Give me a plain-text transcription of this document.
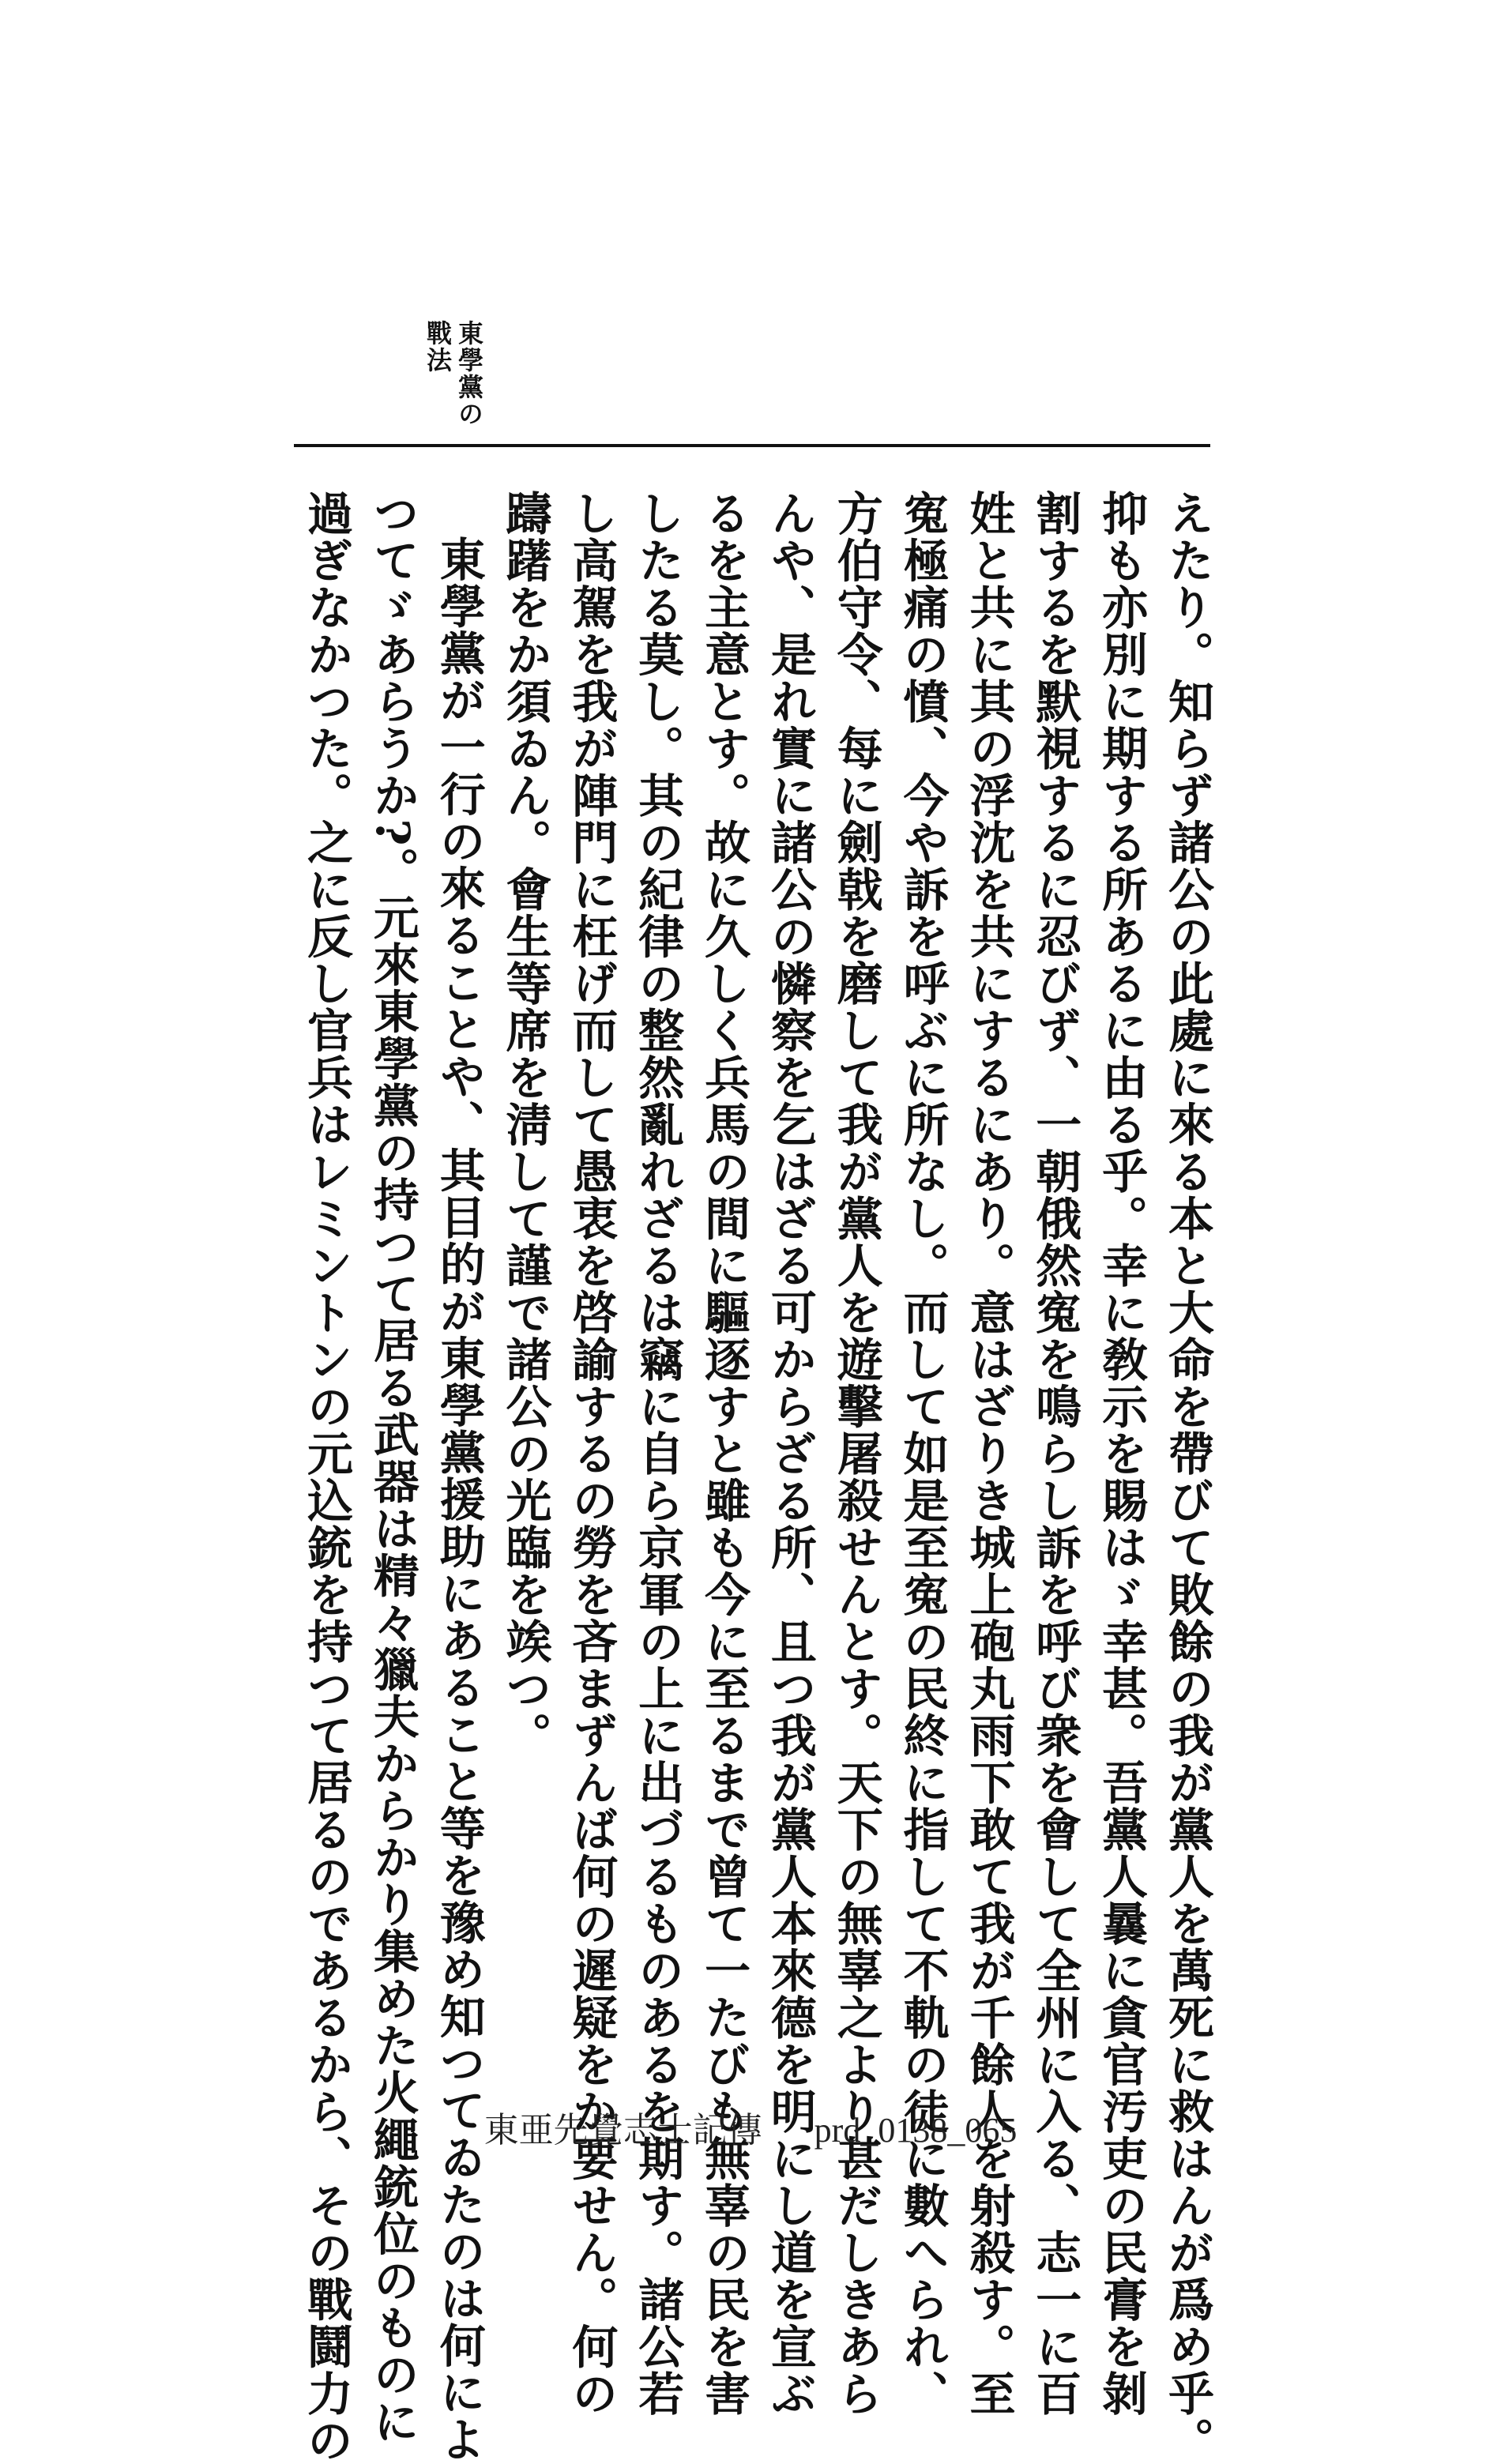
東學黨の
戰法
えたり。知らず諸公の此處に來る本と大命を帶びて敗餘の我が黨人を萬死に救はんが爲め乎。
抑も亦別に期する所あるに由る乎。幸に敎示を賜はゞ幸甚。吾黨人曩に貪官汚吏の民膏を剝
割するを默視するに忍びず、一朝俄然寃を鳴らし訴を呼び衆を會して全州に入る、志一に百
姓と共に其の浮沈を共にするにあり。意はざりき城上砲丸雨下敢て我が千餘人を射殺す。至
寃極痛の憤、今や訴を呼ぶに所なし。而して如是至寃の民終に指して不軌の徒に數へられ、
方伯守令、每に劍戟を磨して我が黨人を遊擊屠殺せんとす。天下の無辜之より甚だしきあら
んや、是れ實に諸公の憐察を乞はざる可からざる所、且つ我が黨人本來德を明にし道を宣ぶ
るを主意とす。故に久しく兵馬の間に驅逐すと雖も今に至るまで曾て一たびも無辜の民を害
したる莫し。其の紀律の整然亂れざるは竊に自ら京軍の上に出づるものあるを期す。諸公若
し高駕を我が陣門に枉げ而して愚衷を啓諭するの勞を吝まずんば何の遲疑をか要せん。何の
躊躇をか須ゐん。會生等席を淸して謹で諸公の光臨を竢つ。
東學黨が一行の來ることや、其目的が東學黨援助にあること等を豫め知つてゐたのは何によ
つてゞあらうか?。元來東學黨の持つて居る武器は精々獵夫からかり集めた火繩銃位のものに
過ぎなかつた。之に反し官兵はレミントンの元込銃を持つて居るのであるから、その戰鬪力の	東亜先覺志士記傳 prd_0138_065
